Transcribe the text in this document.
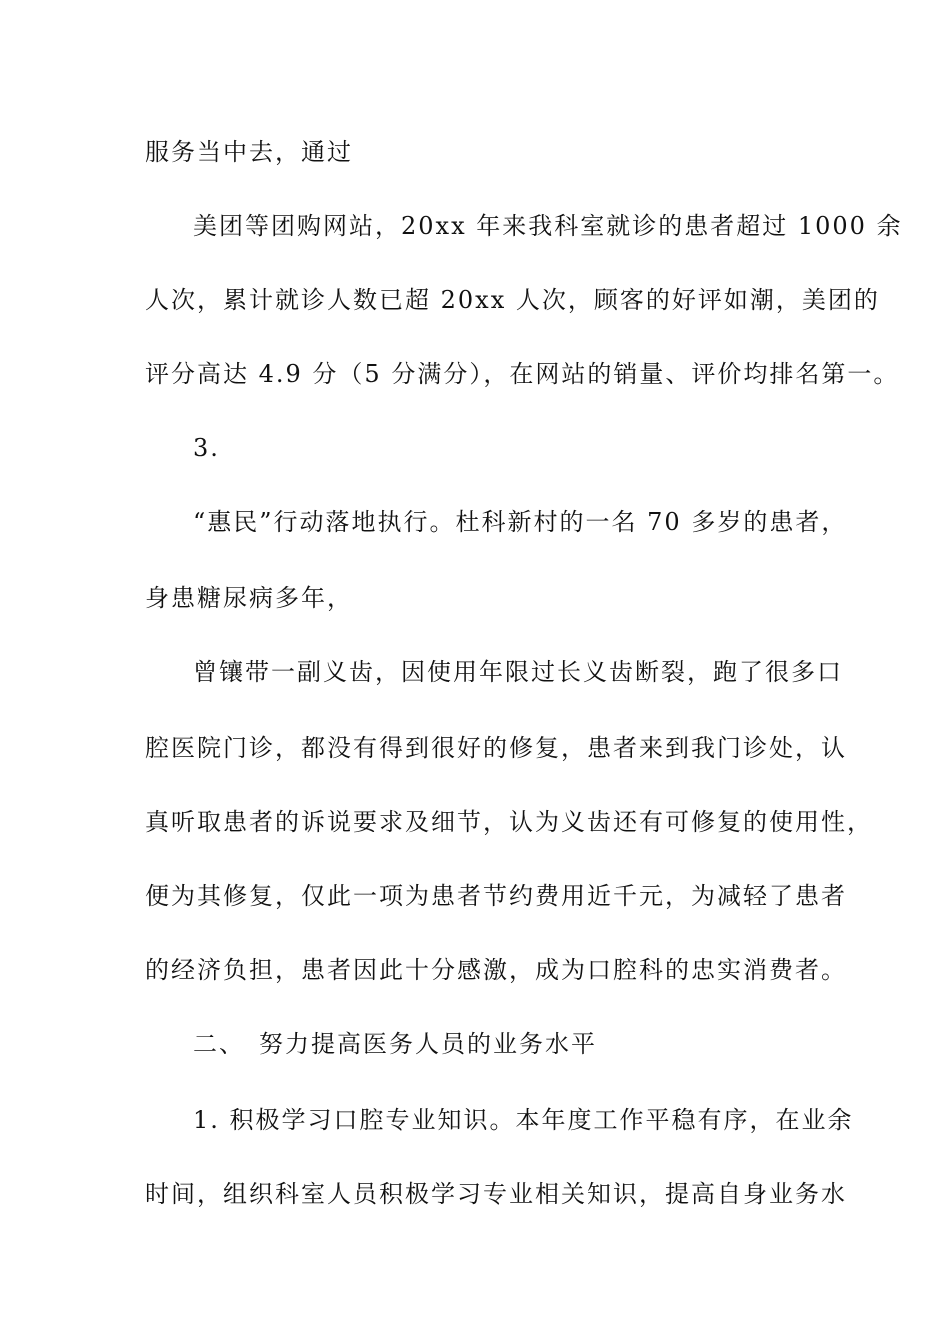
服务当中去，通过
美团等团购网站，20xx 年来我科室就诊的患者超过 1000 余
人次，累计就诊人数已超 20xx 人次，顾客的好评如潮，美团的
评分高达 4.9 分（5 分满分），在网站的销量、评价均排名第一。
3.
“惠民”行动落地执行。杜科新村的一名 70 多岁的患者，
身患糖尿病多年，
曾镶带一副义齿，因使用年限过长义齿断裂，跑了很多口
腔医院门诊，都没有得到很好的修复，患者来到我门诊处，认
真听取患者的诉说要求及细节，认为义齿还有可修复的使用性，
便为其修复，仅此一项为患者节约费用近千元，为减轻了患者
的经济负担，患者因此十分感激，成为口腔科的忠实消费者。
二、　努力提高医务人员的业务水平
1. 积极学习口腔专业知识。本年度工作平稳有序，在业余
时间，组织科室人员积极学习专业相关知识，提高自身业务水
